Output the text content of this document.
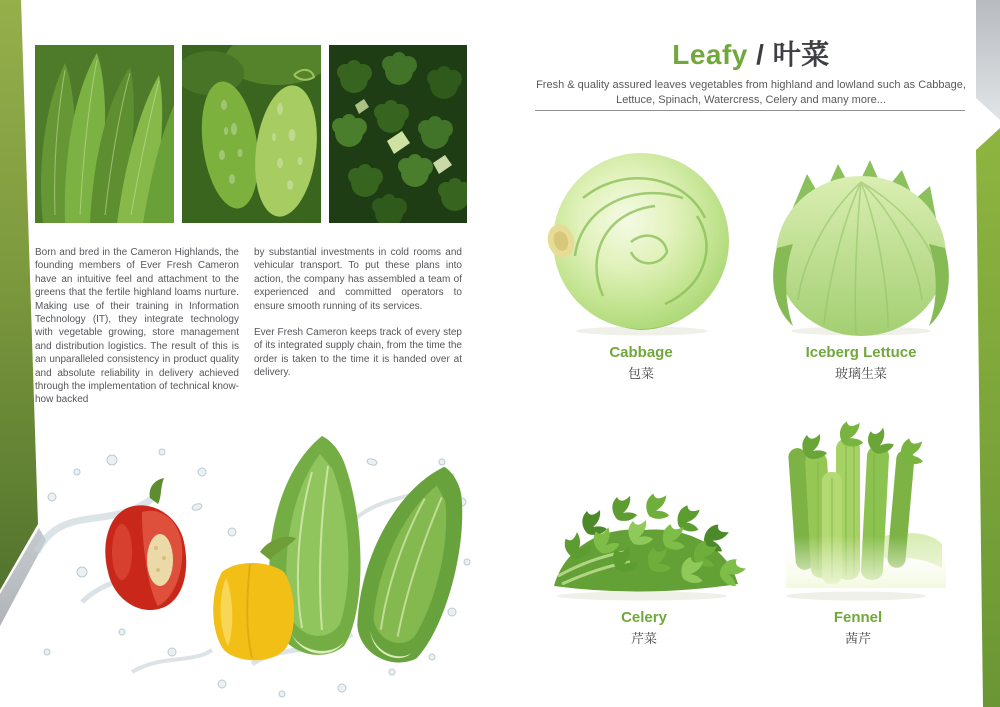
Born and bred in the Cameron Highlands, the founding members of Ever Fresh Cameron have an intuitive feel and attachment to the greens that the fertile highland loams nurture. Making use of their training in Information Technology (IT), they integrate technology with vegetable growing, store management and distribution logistics. The result of this is an unparalleled consistency in product quality and absolute reliability in delivery achieved through the implementation of technical know-how backed

by substantial investments in cold rooms and vehicular transport. To put these plans into action, the company has assembled a team of experienced and committed operators to ensure smooth running of its services.

Ever Fresh Cameron keeps track of every step of its integrated supply chain, from the time the order is taken to the time it is handed over at delivery.

Leafy / 叶菜
Fresh & quality assured leaves vegetables from highland and lowland such as Cabbage, Lettuce, Spinach, Watercress, Celery and many more...
Cabbage
包菜
Iceberg Lettuce
玻璃生菜
Celery
芹菜
Fennel
茜芹
